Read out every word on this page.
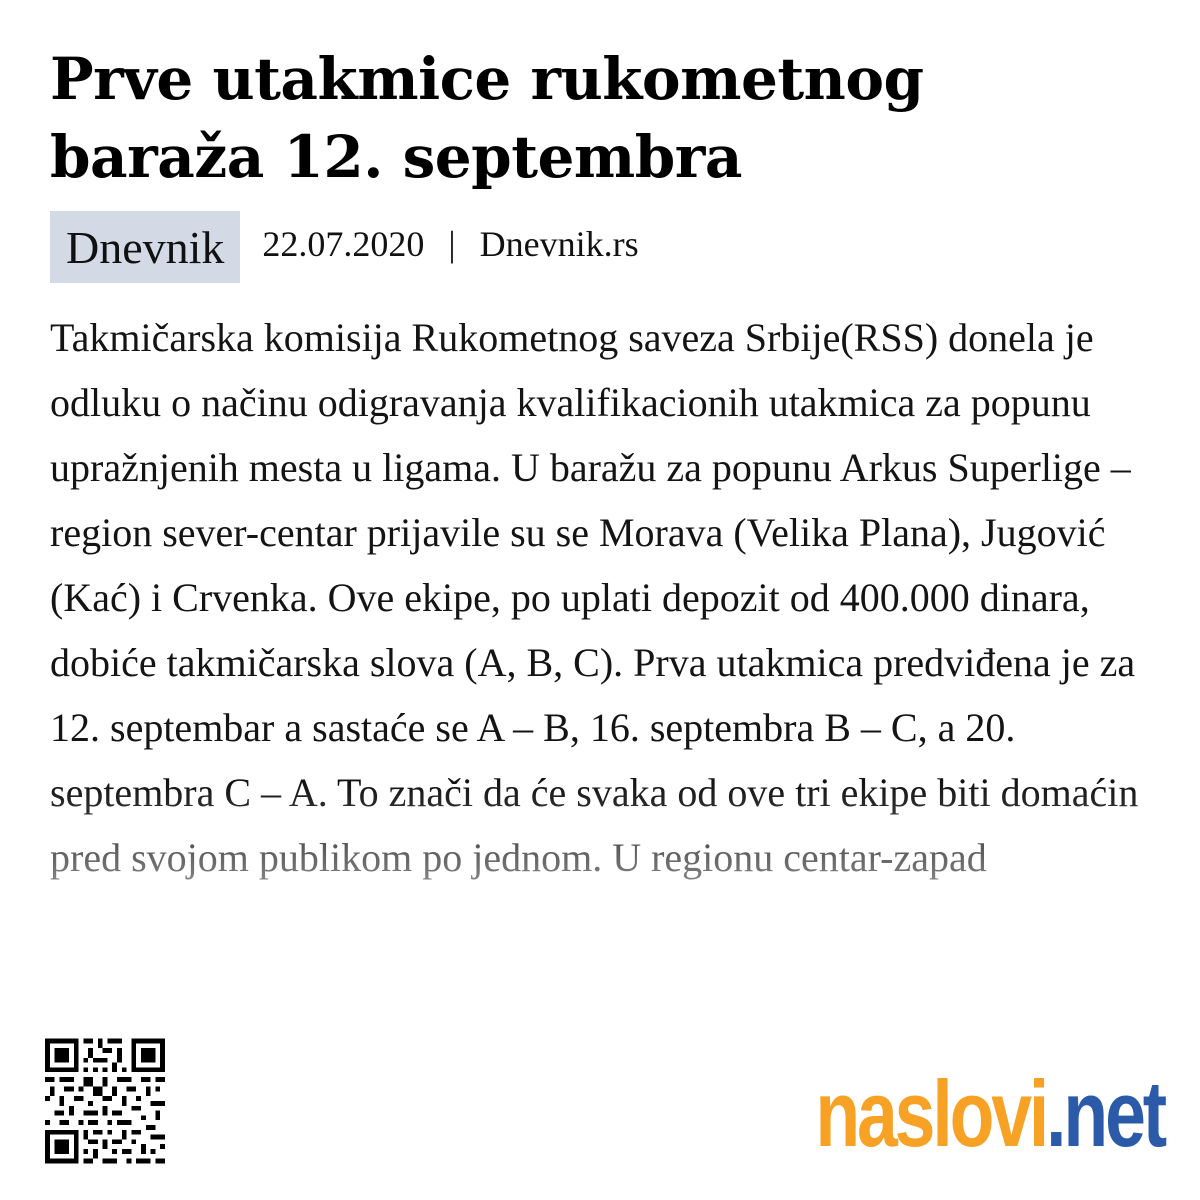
Prve utakmice rukometnog baraža 12. septembra
Dnevnik	22.07.2020 | Dnevnik.rs

Takmičarska komisija Rukometnog saveza Srbije(RSS) donela je odluku o načinu odigravanja kvalifikacionih utakmica za popunu upražnjenih mesta u ligama. U baražu za popunu Arkus Superlige – region sever-centar prijavile su se Morava (Velika Plana), Jugović (Kać) i Crvenka. Ove ekipe, po uplati depozit od 400.000 dinara, dobiće takmičarska slova (A, B, C). Prva utakmica predviđena je za 12. septembar a sastaće se A – B, 16. septembra B – C, a 20. septembra C – A. To znači da će svaka od ove tri ekipe biti domaćin pred svojom publikom po jednom. U regionu centar-zapad

naslovi .net
